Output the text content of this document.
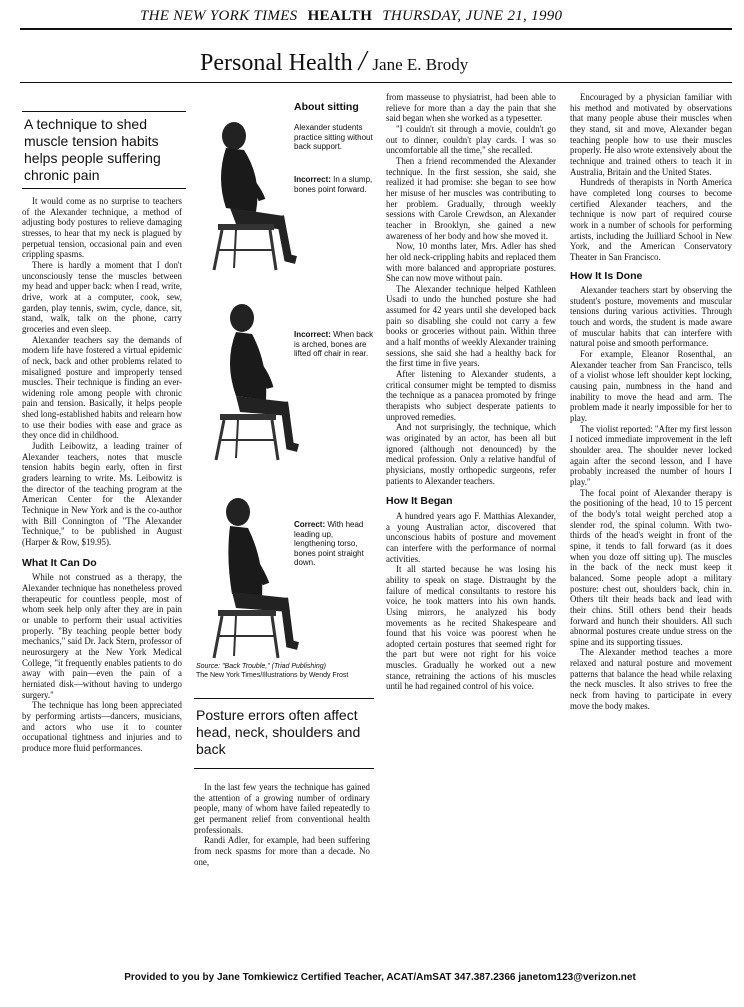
THE NEW YORK TIMES HEALTH THURSDAY, JUNE 21, 1990
Personal Health / Jane E. Brody
A technique to shed muscle tension habits helps people suffering chronic pain

It would come as no surprise to teachers of the Alexander technique, a method of adjusting body postures to relieve damaging stresses, to hear that my neck is plagued by perpetual tension, occasional pain and even crippling spasms.

There is hardly a moment that I don't unconsciously tense the muscles between my head and upper back: when I read, write, drive, work at a computer, cook, sew, garden, play tennis, swim, cycle, dance, sit, stand, walk, talk on the phone, carry groceries and even sleep.

Alexander teachers say the demands of modern life have fostered a virtual epidemic of neck, back and other problems related to misaligned posture and improperly tensed muscles. Their technique is finding an ever-widening role among people with chronic pain and tension. Basically, it helps people shed long-established habits and relearn how to use their bodies with ease and grace as they once did in childhood.

Judith Leibowitz, a leading trainer of Alexander teachers, notes that muscle tension habits begin early, often in first graders learning to write. Ms. Leibowitz is the director of the teaching program at the American Center for the Alexander Technique in New York and is the co-author with Bill Connington of "The Alexander Technique," to be published in August (Harper & Row, $19.95).

What It Can Do

While not construed as a therapy, the Alexander technique has nonetheless proved therapeutic for countless people, most of whom seek help only after they are in pain or unable to perform their usual activities properly. "By teaching people better body mechanics," said Dr. Jack Stern, professor of neurosurgery at the New York Medical College, "it frequently enables patients to do away with pain—even the pain of a herniated disk—without having to undergo surgery."

The technique has long been appreciated by performing artists—dancers, musicians, and actors who use it to counter occupational tightness and injuries and to produce more fluid performances.

About sitting
Alexander students practice sitting without back support.
Incorrect: In a slump, bones point forward.
Incorrect: When back is arched, bones are lifted off chair in rear.
Correct: With head leading up, lengthening torso, bones point straight down.
Source: "Back Trouble," (Triad Publishing)
The New York Times/Illustrations by Wendy Frost
Posture errors often affect head, neck, shoulders and back

In the last few years the technique has gained the attention of a growing number of ordinary people, many of whom have failed repeatedly to get permanent relief from conventional health professionals.

Randi Adler, for example, had been suffering from neck spasms for more than a decade. No one,

from masseuse to physiatrist, had been able to relieve for more than a day the pain that she said began when she worked as a typesetter.

"I couldn't sit through a movie, couldn't go out to dinner, couldn't play cards. I was so uncomfortable all the time," she recalled.

Then a friend recommended the Alexander technique. In the first session, she said, she realized it had promise: she began to see how her misuse of her muscles was contributing to her problem. Gradually, through weekly sessions with Carole Crewdson, an Alexander teacher in Brooklyn, she gained a new awareness of her body and how she moved it.

Now, 10 months later, Mrs. Adler has shed her old neck-crippling habits and replaced them with more balanced and appropriate postures. She can now move without pain.

The Alexander technique helped Kathleen Usadi to undo the hunched posture she had assumed for 42 years until she developed back pain so disabling she could not carry a few books or groceries without pain. Within three and a half months of weekly Alexander training sessions, she said she had a healthy back for the first time in five years.

After listening to Alexander students, a critical consumer might be tempted to dismiss the technique as a panacea promoted by fringe therapists who subject desperate patients to unproved remedies.

And not surprisingly, the technique, which was originated by an actor, has been all but ignored (although not denounced) by the medical profession. Only a relative handful of physicians, mostly orthopedic surgeons, refer patients to Alexander teachers.

How It Began

A hundred years ago F. Matthias Alexander, a young Australian actor, discovered that unconscious habits of posture and movement can interfere with the performance of normal activities.

It all started because he was losing his ability to speak on stage. Distraught by the failure of medical consultants to restore his voice, he took matters into his own hands. Using mirrors, he analyzed his body movements as he recited Shakespeare and found that his voice was poorest when he adopted certain postures that seemed right for the part but were not right for his voice muscles. Gradually he worked out a new stance, retraining the actions of his muscles until he had regained control of his voice.

Encouraged by a physician familiar with his method and motivated by observations that many people abuse their muscles when they stand, sit and move, Alexander began teaching people how to use their muscles properly. He also wrote extensively about the technique and trained others to teach it in Australia, Britain and the United States.

Hundreds of therapists in North America have completed long courses to become certified Alexander teachers, and the technique is now part of required course work in a number of schools for performing artists, including the Juilliard School in New York, and the American Conservatory Theater in San Francisco.

How It Is Done

Alexander teachers start by observing the student's posture, movements and muscular tensions during various activities. Through touch and words, the student is made aware of muscular habits that can interfere with natural poise and smooth performance.

For example, Eleanor Rosenthal, an Alexander teacher from San Francisco, tells of a violist whose left shoulder kept locking, causing pain, numbness in the hand and inability to move the head and arm. The problem made it nearly impossible for her to play.

The violist reported: "After my first lesson I noticed immediate improvement in the left shoulder area. The shoulder never locked again after the second lesson, and I have probably increased the number of hours I play."

The focal point of Alexander therapy is the positioning of the head, 10 to 15 percent of the body's total weight perched atop a slender rod, the spinal column. With two-thirds of the head's weight in front of the spine, it tends to fall forward (as it does when you doze off sitting up). The muscles in the back of the neck must keep it balanced. Some people adopt a military posture: chest out, shoulders back, chin in. Others tilt their heads back and lead with their chins. Still others bend their heads forward and hunch their shoulders. All such abnormal postures create undue stress on the spine and its supporting tissues.

The Alexander method teaches a more relaxed and natural posture and movement patterns that balance the head while relaxing the neck muscles. It also strives to free the neck from having to participate in every move the body makes.

Provided to you by Jane Tomkiewicz Certified Teacher, ACAT/AmSAT 347.387.2366 janetom123@verizon.net
